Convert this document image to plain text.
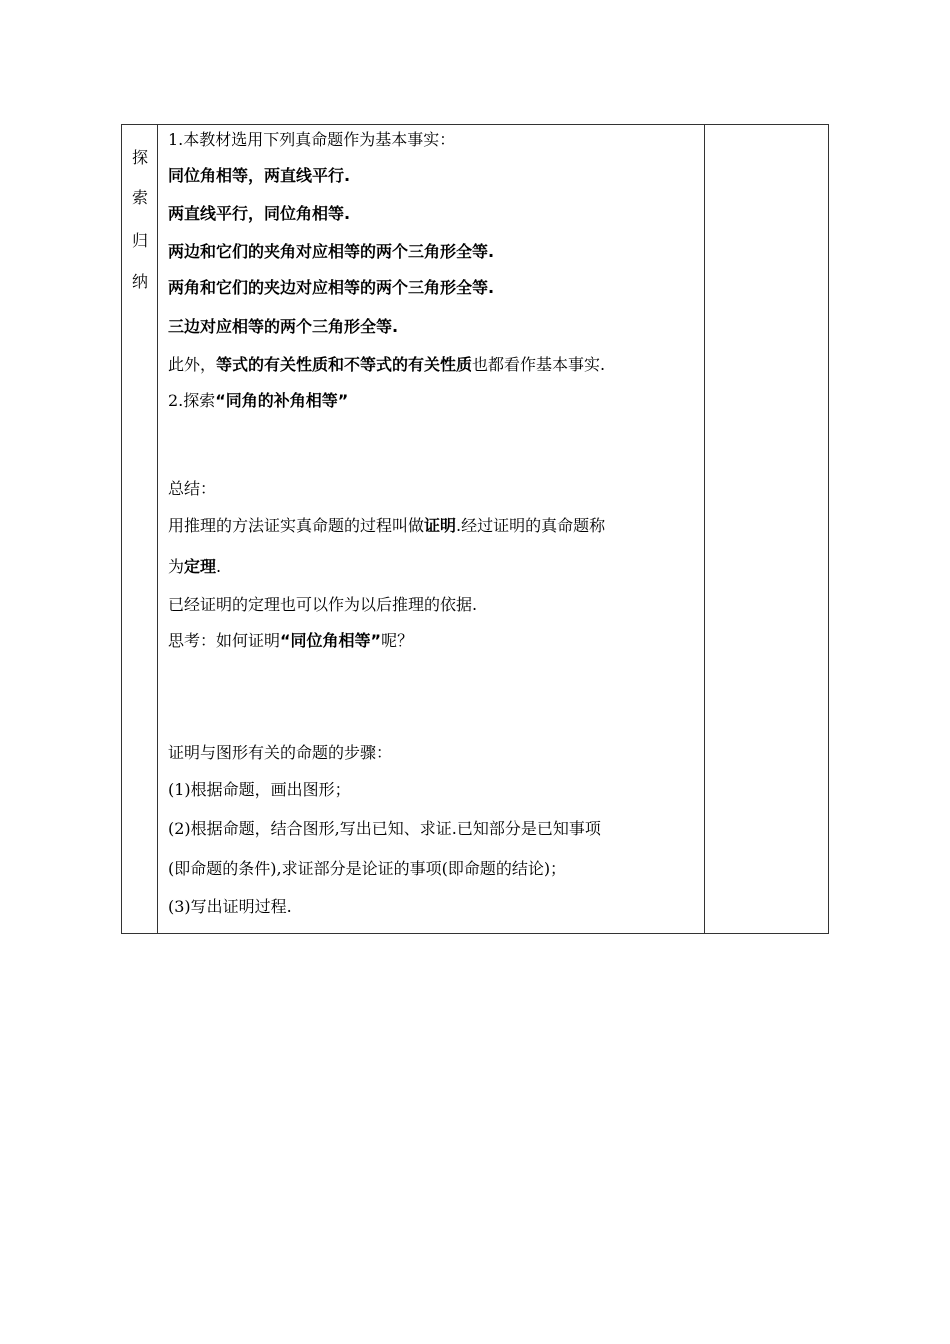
探
索
归
纳
1.本教材选用下列真命题作为基本事实：
同位角相等，两直线平行.
两直线平行，同位角相等.
两边和它们的夹角对应相等的两个三角形全等.
两角和它们的夹边对应相等的两个三角形全等.
三边对应相等的两个三角形全等.
此外，等式的有关性质和不等式的有关性质也都看作基本事实.
2.探索“同角的补角相等”
总结：
用推理的方法证实真命题的过程叫做证明.经过证明的真命题称
为定理.
已经证明的定理也可以作为以后推理的依据.
思考：如何证明“同位角相等”呢？
证明与图形有关的命题的步骤：
(1)根据命题，画出图形；
(2)根据命题，结合图形,写出已知、求证.已知部分是已知事项
(即命题的条件),求证部分是论证的事项(即命题的结论)；
(3)写出证明过程.
